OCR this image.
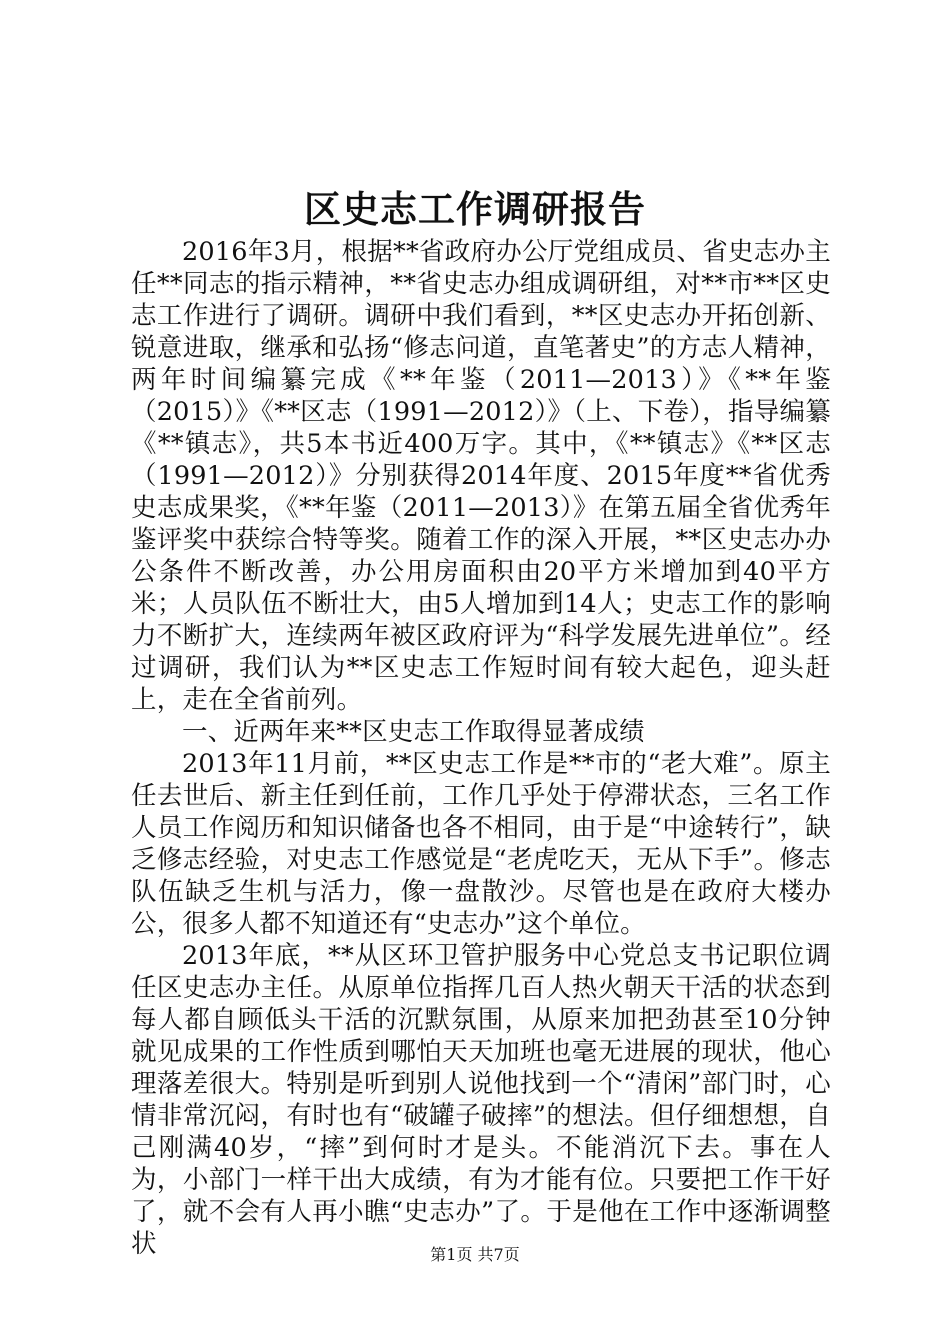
区史志工作调研报告

2016年3月，根据**省政府办公厅党组成员、省史志办主任**同志的指示精神，**省史志办组成调研组，对**市**区史志工作进行了调研。调研中我们看到，**区史志办开拓创新、锐意进取，继承和弘扬“修志问道，直笔著史”的方志人精神，两年时间编纂完成《**年鉴（2011—2013）》《**年鉴（2015）》《**区志（1991—2012）》（上、下卷），指导编纂《**镇志》，共5本书近400万字。其中，《**镇志》《**区志（1991—2012）》分别获得2014年度、2015年度**省优秀史志成果奖，《**年鉴（2011—2013）》在第五届全省优秀年鉴评奖中获综合特等奖。随着工作的深入开展，**区史志办办公条件不断改善，办公用房面积由20平方米增加到40平方米；人员队伍不断壮大，由5人增加到14人；史志工作的影响力不断扩大，连续两年被区政府评为“科学发展先进单位”。经过调研，我们认为**区史志工作短时间有较大起色，迎头赶上，走在全省前列。

一、近两年来**区史志工作取得显著成绩

2013年11月前，**区史志工作是**市的“老大难”。原主任去世后、新主任到任前，工作几乎处于停滞状态，三名工作人员工作阅历和知识储备也各不相同，由于是“中途转行”，缺乏修志经验，对史志工作感觉是“老虎吃天，无从下手”。修志队伍缺乏生机与活力，像一盘散沙。尽管也是在政府大楼办公，很多人都不知道还有“史志办”这个单位。

2013年底，**从区环卫管护服务中心党总支书记职位调任区史志办主任。从原单位指挥几百人热火朝天干活的状态到每人都自顾低头干活的沉默氛围，从原来加把劲甚至10分钟就见成果的工作性质到哪怕天天加班也毫无进展的现状，他心理落差很大。特别是听到别人说他找到一个“清闲”部门时，心情非常沉闷，有时也有“破罐子破摔”的想法。但仔细想想，自己刚满40岁，“摔”到何时才是头。不能消沉下去。事在人为，小部门一样干出大成绩，有为才能有位。只要把工作干好了，就不会有人再小瞧“史志办”了。于是他在工作中逐渐调整状	第1页 共7页
